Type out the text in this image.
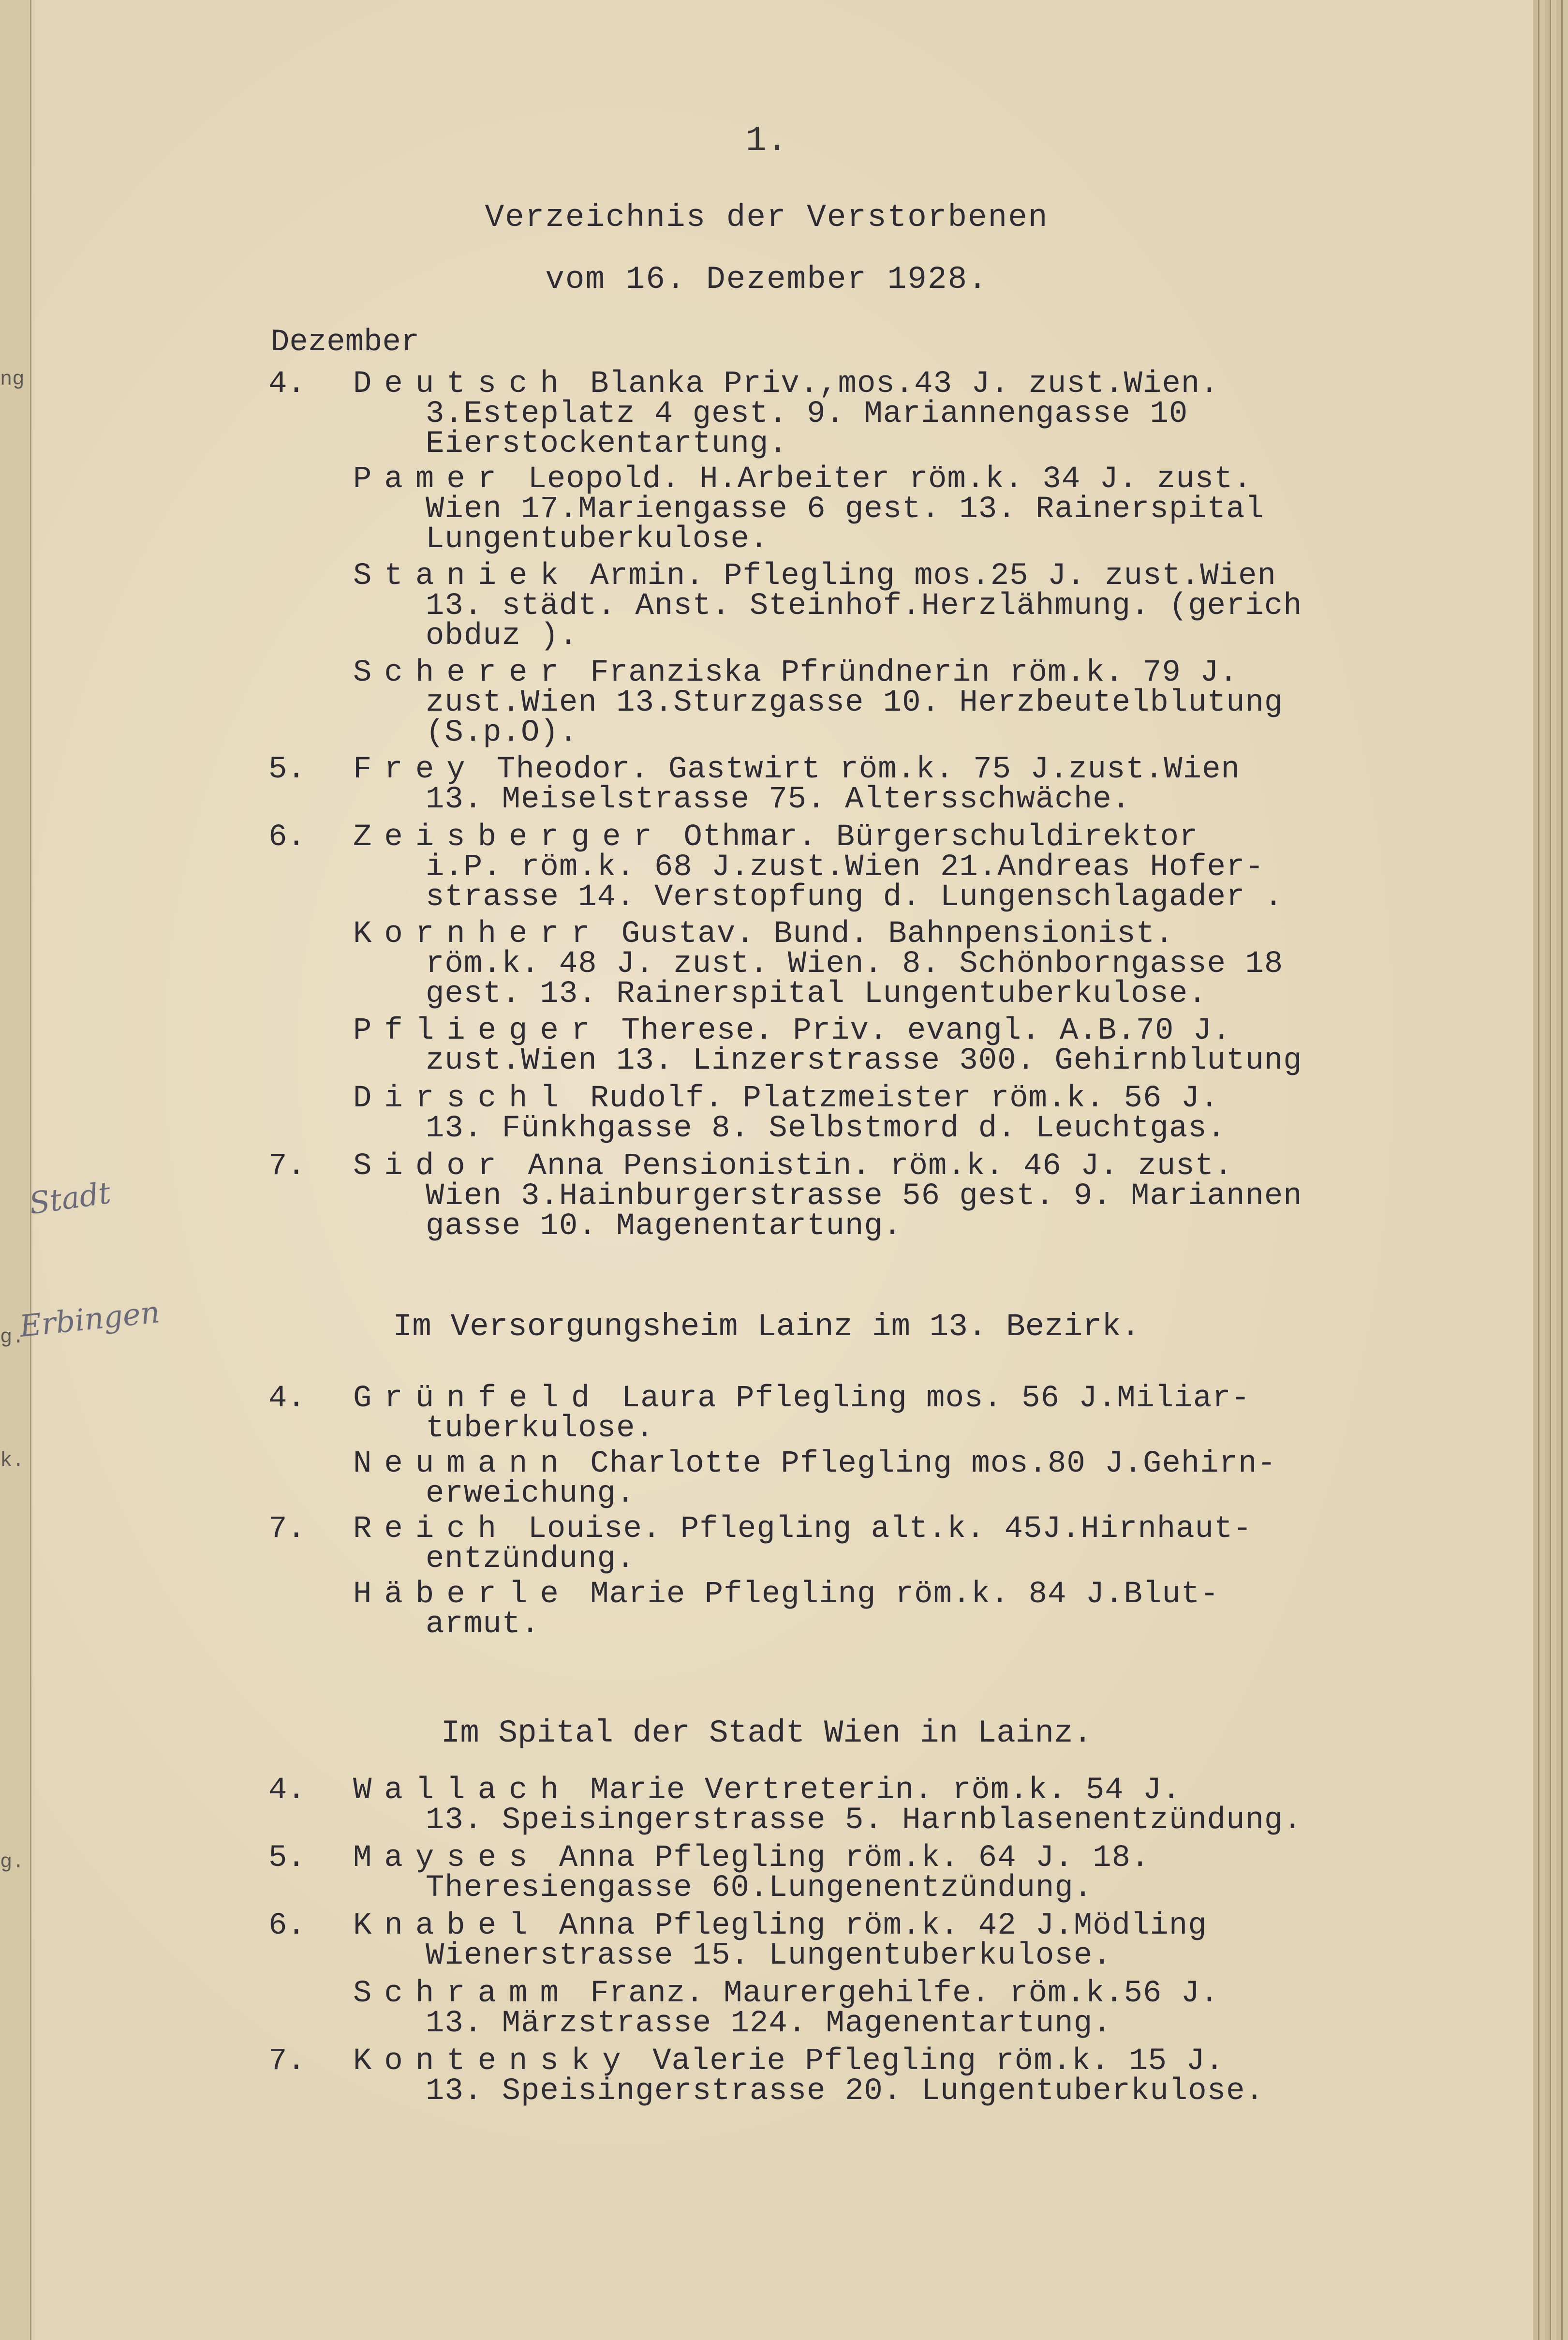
1.
Verzeichnis der Verstorbenen
vom 16. Dezember 1928.
Dezember
Stadt
Erbingen
ng
g.
k.
g.
4. Deutsch Blanka Priv.,mos.43 J. zust.Wien.
3.Esteplatz 4 gest. 9. Mariannengasse 10
Eierstockentartung.
Pamer Leopold. H.Arbeiter röm.k. 34 J. zust.
Wien 17.Mariengasse 6 gest. 13. Rainerspital
Lungentuberkulose.
Staniek Armin. Pflegling mos.25 J. zust.Wien
13. städt. Anst. Steinhof.Herzlähmung. (gerich
obduz ).
Scherer Franziska Pfründnerin röm.k. 79 J.
zust.Wien 13.Sturzgasse 10. Herzbeutelblutung
(S.p.O).
5. Frey Theodor. Gastwirt röm.k. 75 J.zust.Wien
13. Meiselstrasse 75. Altersschwäche.
6. Zeisberger Othmar. Bürgerschuldirektor
i.P. röm.k. 68 J.zust.Wien 21.Andreas Hofer-
strasse 14. Verstopfung d. Lungenschlagader .
Kornherr Gustav. Bund. Bahnpensionist.
röm.k. 48 J. zust. Wien. 8. Schönborngasse 18
gest. 13. Rainerspital Lungentuberkulose.
Pflieger Therese. Priv. evangl. A.B.70 J.
zust.Wien 13. Linzerstrasse 300. Gehirnblutung
Dirschl Rudolf. Platzmeister röm.k. 56 J.
13. Fünkhgasse 8. Selbstmord d. Leuchtgas.
7. Sidor Anna Pensionistin. röm.k. 46 J. zust.
Wien 3.Hainburgerstrasse 56 gest. 9. Mariannen
gasse 10. Magenentartung.
Im Versorgungsheim Lainz im 13. Bezirk.
4. Grünfeld Laura Pflegling mos. 56 J.Miliar-
tuberkulose.
Neumann Charlotte Pflegling mos.80 J.Gehirn-
erweichung.
7. Reich Louise. Pflegling alt.k. 45J.Hirnhaut-
entzündung.
Häberle Marie Pflegling röm.k. 84 J.Blut-
armut.
Im Spital der Stadt Wien in Lainz.
4. Wallach Marie Vertreterin. röm.k. 54 J.
13. Speisingerstrasse 5. Harnblasenentzündung.
5. Mayses Anna Pflegling röm.k. 64 J. 18.
Theresiengasse 60.Lungenentzündung.
6. Knabel Anna Pflegling röm.k. 42 J.Mödling
Wienerstrasse 15. Lungentuberkulose.
Schramm Franz. Maurergehilfe. röm.k.56 J.
13. Märzstrasse 124. Magenentartung.
7. Kontensky Valerie Pflegling röm.k. 15 J.
13. Speisingerstrasse 20. Lungentuberkulose.
